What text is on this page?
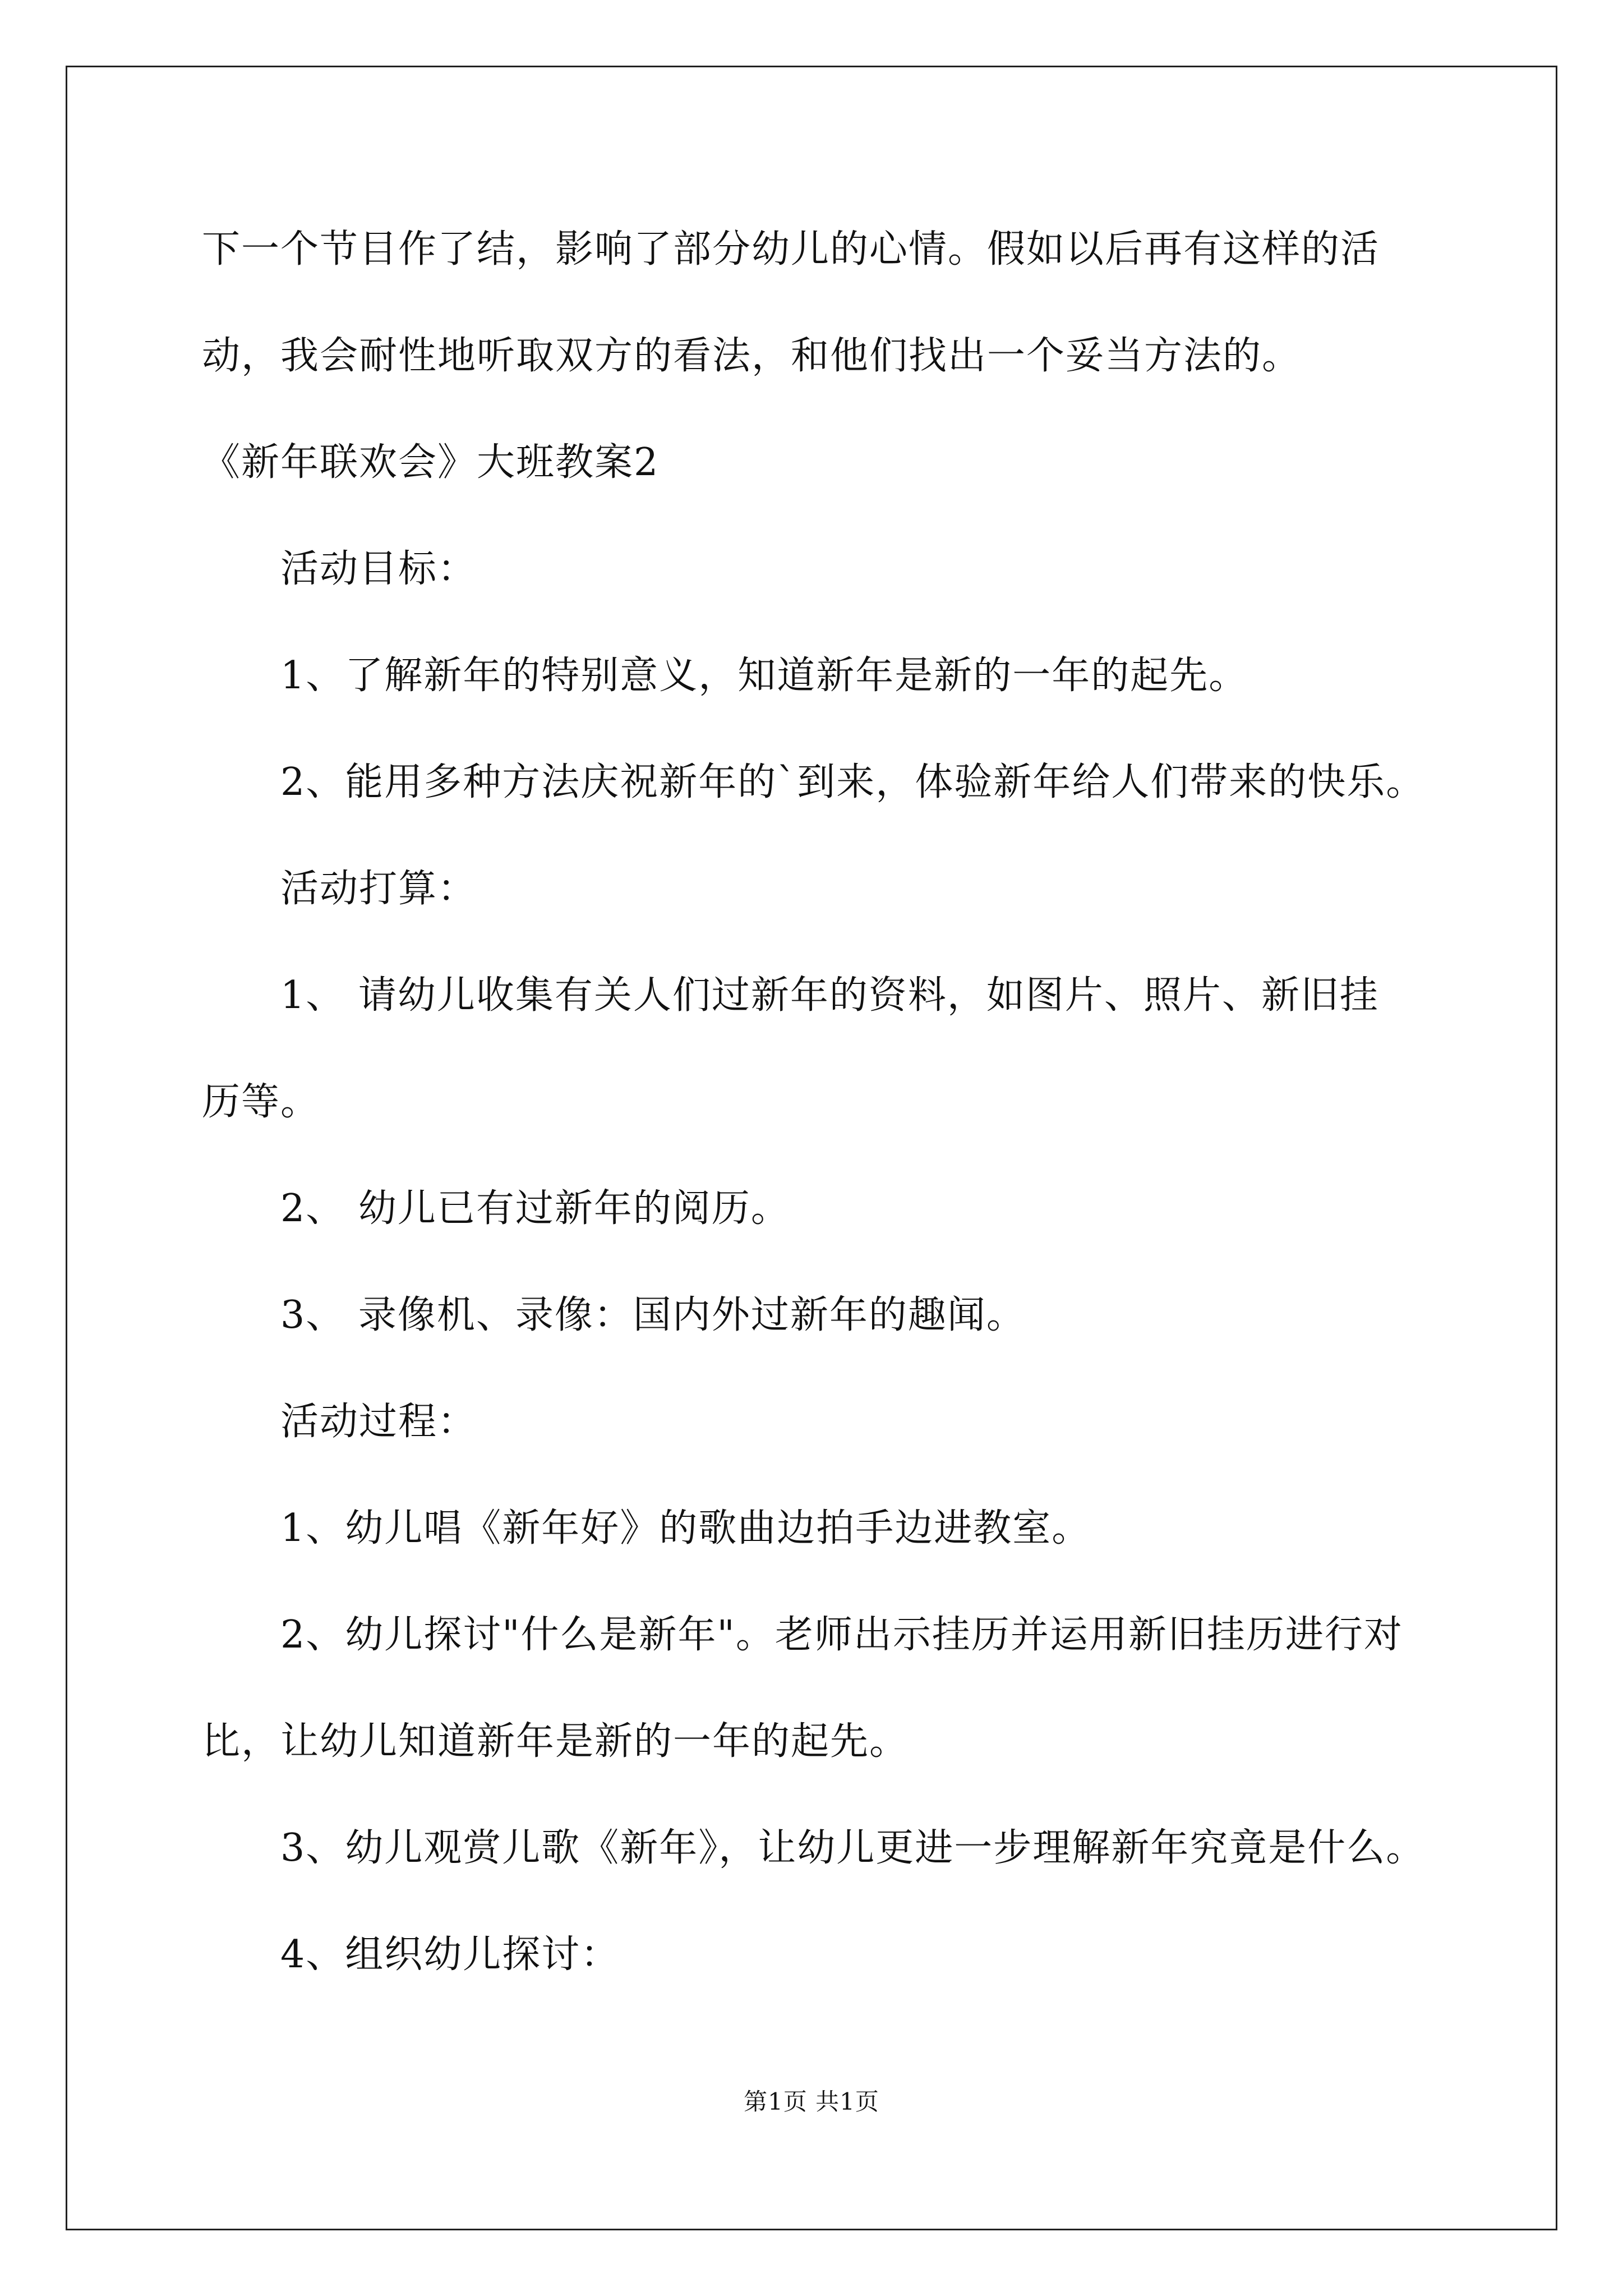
下一个节目作了结，影响了部分幼儿的心情。假如以后再有这样的活
动，我会耐性地听取双方的看法，和他们找出一个妥当方法的。
《新年联欢会》大班教案2
活动目标：
1、了解新年的特别意义，知道新年是新的一年的起先。
2、能用多种方法庆祝新年的`到来，体验新年给人们带来的快乐。
活动打算：
1、 请幼儿收集有关人们过新年的资料，如图片、照片、新旧挂
历等。
2、 幼儿已有过新年的阅历。
3、 录像机、录像：国内外过新年的趣闻。
活动过程：
1、幼儿唱《新年好》的歌曲边拍手边进教室。
2、幼儿探讨"什么是新年"。老师出示挂历并运用新旧挂历进行对
比，让幼儿知道新年是新的一年的起先。
3、幼儿观赏儿歌《新年》，让幼儿更进一步理解新年究竟是什么。
4、组织幼儿探讨：
第1页 共1页
